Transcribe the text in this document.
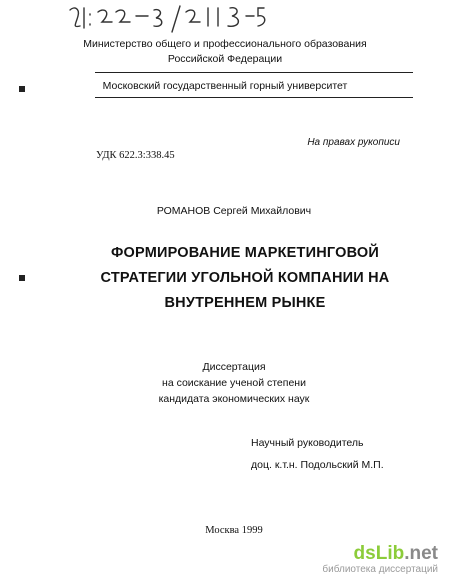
Министерство общего и профессионального образования
Российской Федерации
Московский государственный горный университет
На правах рукописи
УДК 622.3:338.45
РОМАНОВ Сергей Михайлович
ФОРМИРОВАНИЕ МАРКЕТИНГОВОЙ СТРАТЕГИИ УГОЛЬНОЙ КОМПАНИИ НА ВНУТРЕННЕМ РЫНКЕ
Диссертация
на соискание ученой степени
кандидата экономических наук
Научный руководитель
доц. к.т.н. Подольский М.П.
Москва 1999
dsLib.net
библиотека диссертаций
